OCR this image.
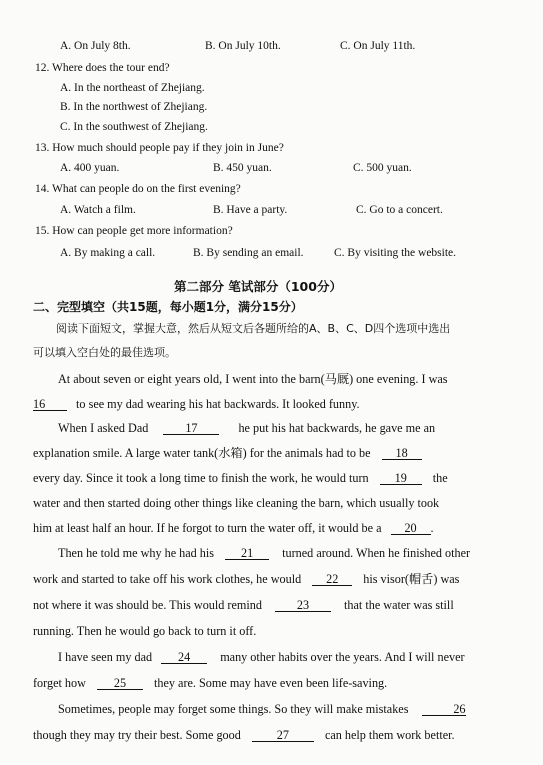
A. On July 8th.	B. On July 10th.	C. On July 11th.
12. Where does the tour end?
A. In the northeast of Zhejiang.
B. In the northwest of Zhejiang.
C. In the southwest of Zhejiang.
13. How much should people pay if they join in June?
A. 400 yuan.	B. 450 yuan.	C. 500 yuan.
14. What can people do on the first evening?
A. Watch a film.	B. Have a party.	C. Go to a concert.
15. How can people get more information?
A. By making a call.	B. By sending an email.	C. By visiting the website.
第二部分 笔试部分（100分）
二、完型填空（共15题，每小题1分，满分15分）
阅读下面短文，掌握大意，然后从短文后各题所给的A、B、C、D四个选项中选出
可以填入空白处的最佳选项。
At about seven or eight years old, I went into the barn(马厩) one evening. I was
16	to see my dad wearing his hat backwards. It looked funny.
When I asked Dad	17	he put his hat backwards, he gave me an
explanation smile. A large water tank(水箱) for the animals had to be 18
every day. Since it took a long time to finish the work, he would turn 19 the
water and then started doing other things like cleaning the barn, which usually took
him at least half an hour. If he forgot to turn the water off, it would be a 20 .
Then he told me why he had his 21 turned around. When he finished other
work and started to take off his work clothes, he would 22 his visor(帽舌) was
not where it was should be. This would remind	23	that the water was still
running. Then he would go back to turn it off.
I have seen my dad 24 many other habits over the years. And I will never
forget how 25 they are. Some may have even been life-saving.
Sometimes, people may forget some things. So they will make mistakes	26
though they may try their best. Some good	27	can help them work better.
